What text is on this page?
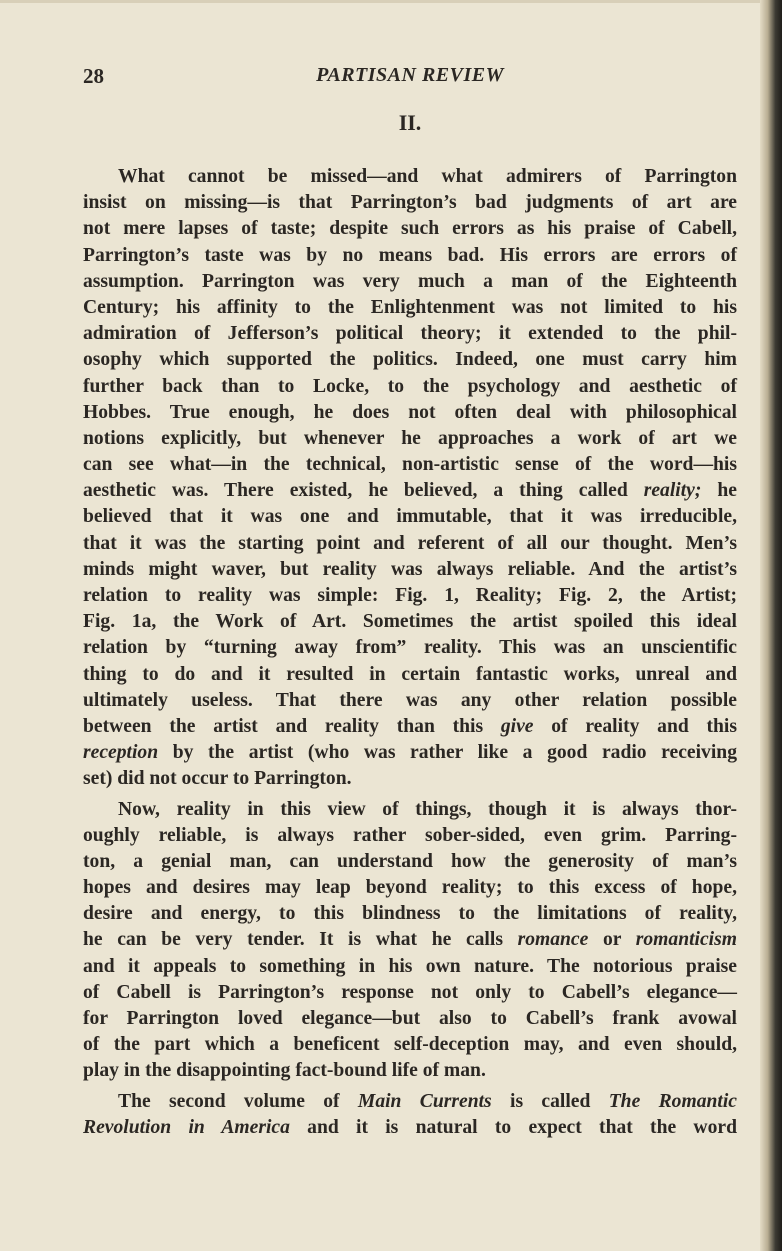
28	PARTISAN REVIEW
II.
What cannot be missed—and what admirers of Parrington
insist on missing—is that Parrington’s bad judgments of art are
not mere lapses of taste; despite such errors as his praise of Cabell,
Parrington’s taste was by no means bad. His errors are errors of
assumption. Parrington was very much a man of the Eighteenth
Century; his affinity to the Enlightenment was not limited to his
admiration of Jefferson’s political theory; it extended to the phil-
osophy which supported the politics. Indeed, one must carry him
further back than to Locke, to the psychology and aesthetic of
Hobbes. True enough, he does not often deal with philosophical
notions explicitly, but whenever he approaches a work of art we
can see what—in the technical, non-artistic sense of the word—his
aesthetic was. There existed, he believed, a thing called reality; he
believed that it was one and immutable, that it was irreducible,
that it was the starting point and referent of all our thought. Men’s
minds might waver, but reality was always reliable. And the artist’s
relation to reality was simple: Fig. 1, Reality; Fig. 2, the Artist;
Fig. 1a, the Work of Art. Sometimes the artist spoiled this ideal
relation by “turning away from” reality. This was an unscientific
thing to do and it resulted in certain fantastic works, unreal and
ultimately useless. That there was any other relation possible
between the artist and reality than this give of reality and this
reception by the artist (who was rather like a good radio receiving
set) did not occur to Parrington.
Now, reality in this view of things, though it is always thor-
oughly reliable, is always rather sober-sided, even grim. Parring-
ton, a genial man, can understand how the generosity of man’s
hopes and desires may leap beyond reality; to this excess of hope,
desire and energy, to this blindness to the limitations of reality,
he can be very tender. It is what he calls romance or romanticism
and it appeals to something in his own nature. The notorious praise
of Cabell is Parrington’s response not only to Cabell’s elegance—
for Parrington loved elegance—but also to Cabell’s frank avowal
of the part which a beneficent self-deception may, and even should,
play in the disappointing fact-bound life of man.
The second volume of Main Currents is called The Romantic
Revolution in America and it is natural to expect that the word
